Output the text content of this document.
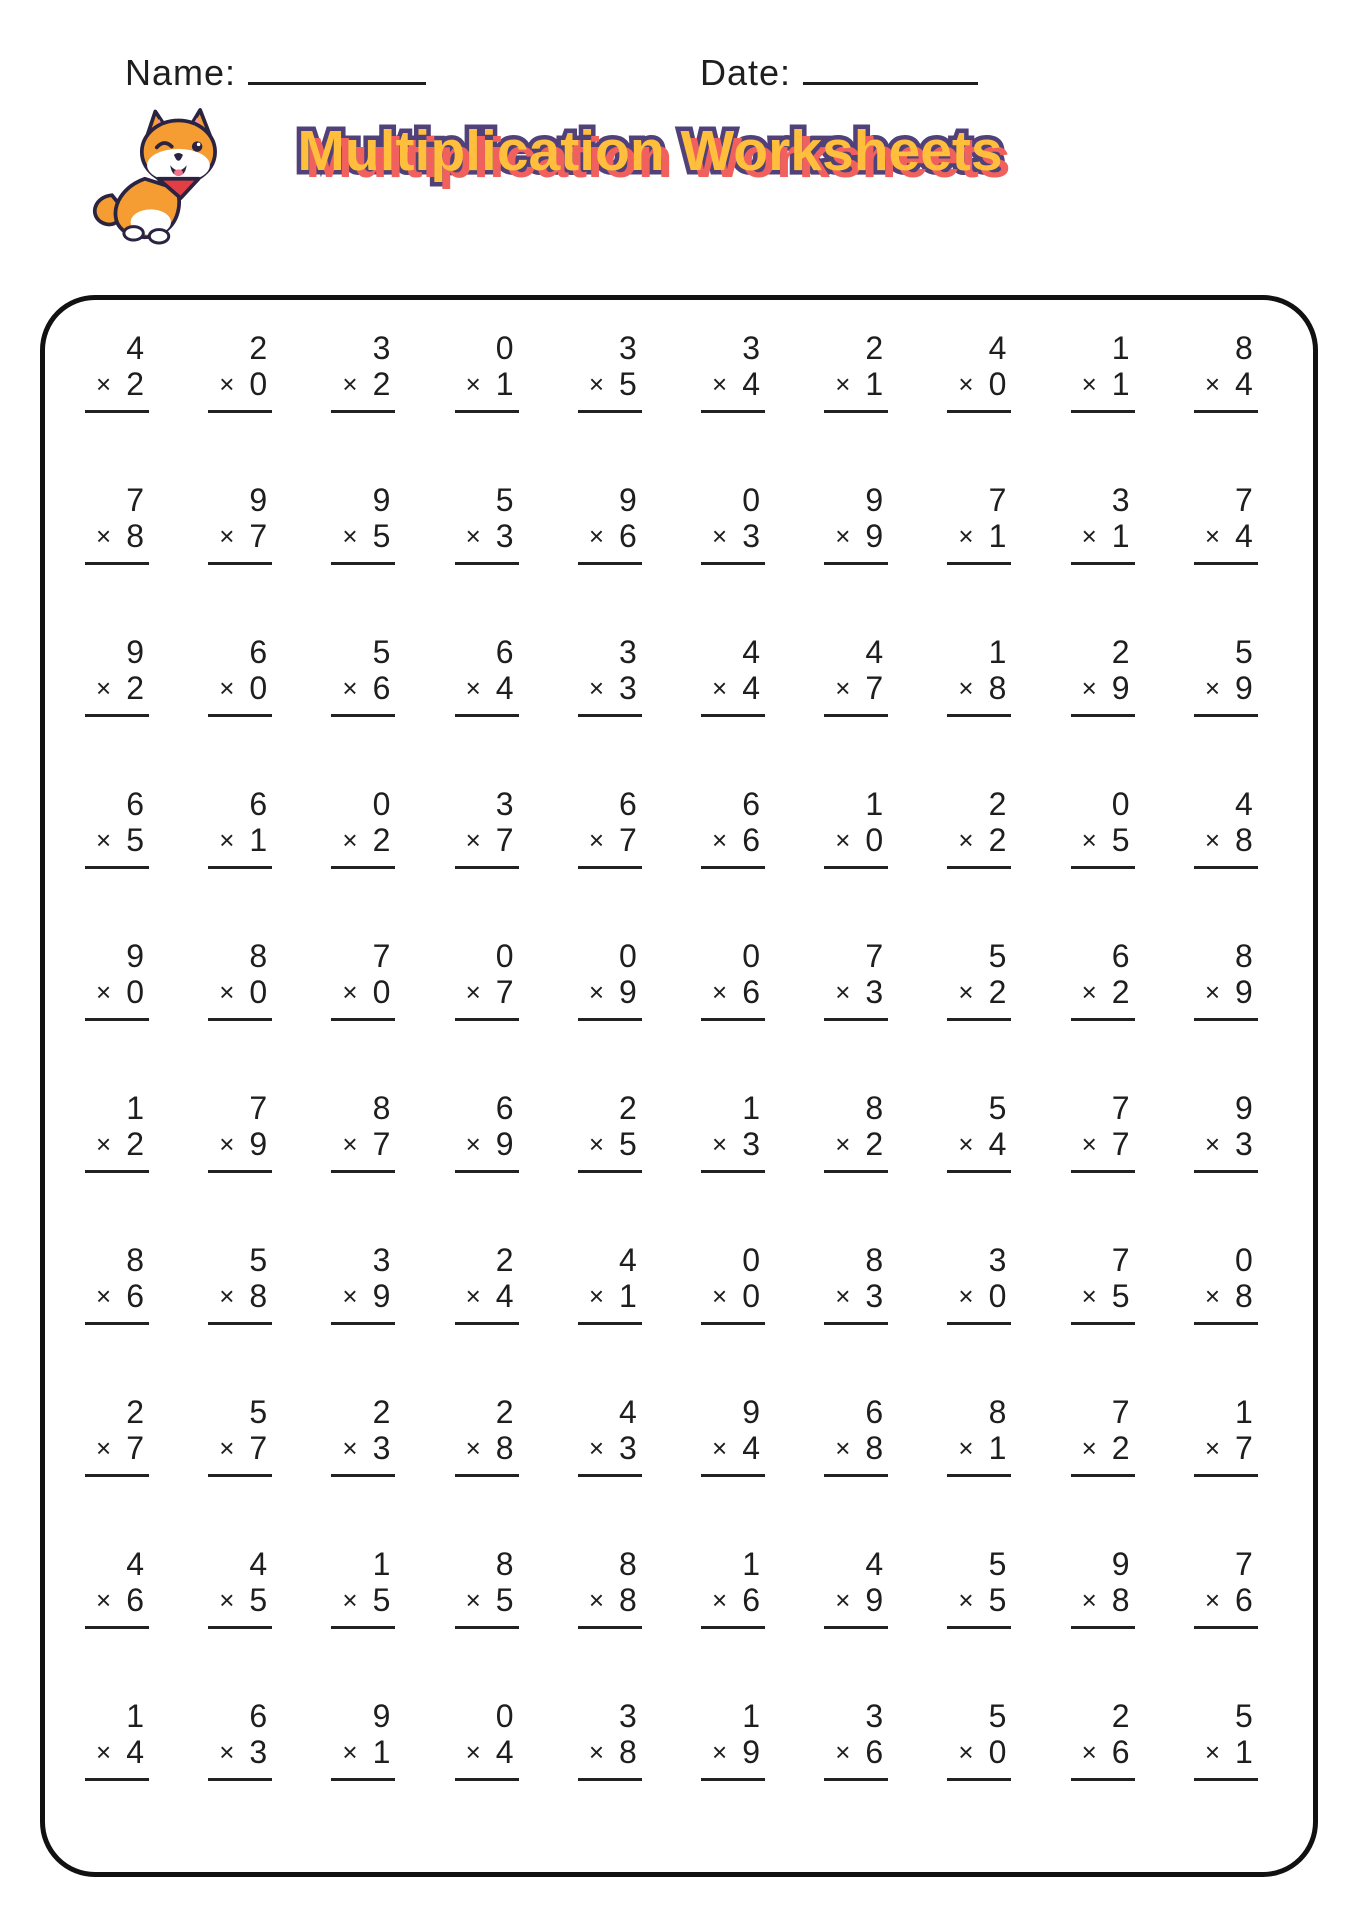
Name:	Date:
Multiplication Worksheets
4
× 2
2
× 0
3
× 2
0
× 1
3
× 5
3
× 4
2
× 1
4
× 0
1
× 1
8
× 4
7
× 8
9
× 7
9
× 5
5
× 3
9
× 6
0
× 3
9
× 9
7
× 1
3
× 1
7
× 4
9
× 2
6
× 0
5
× 6
6
× 4
3
× 3
4
× 4
4
× 7
1
× 8
2
× 9
5
× 9
6
× 5
6
× 1
0
× 2
3
× 7
6
× 7
6
× 6
1
× 0
2
× 2
0
× 5
4
× 8
9
× 0
8
× 0
7
× 0
0
× 7
0
× 9
0
× 6
7
× 3
5
× 2
6
× 2
8
× 9
1
× 2
7
× 9
8
× 7
6
× 9
2
× 5
1
× 3
8
× 2
5
× 4
7
× 7
9
× 3
8
× 6
5
× 8
3
× 9
2
× 4
4
× 1
0
× 0
8
× 3
3
× 0
7
× 5
0
× 8
2
× 7
5
× 7
2
× 3
2
× 8
4
× 3
9
× 4
6
× 8
8
× 1
7
× 2
1
× 7
4
× 6
4
× 5
1
× 5
8
× 5
8
× 8
1
× 6
4
× 9
5
× 5
9
× 8
7
× 6
1
× 4
6
× 3
9
× 1
0
× 4
3
× 8
1
× 9
3
× 6
5
× 0
2
× 6
5
× 1
